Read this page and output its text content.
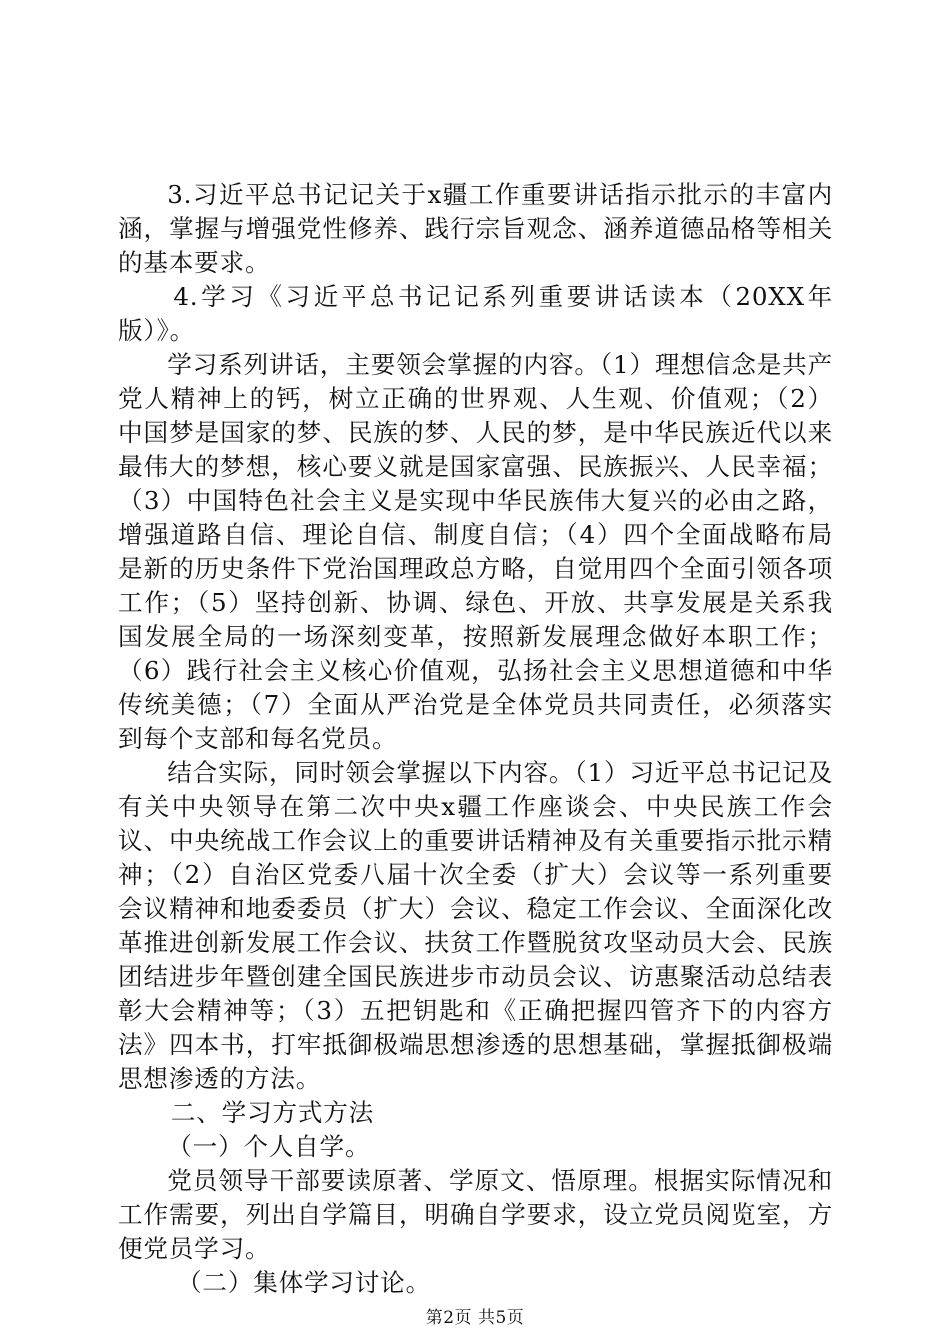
3.习近平总书记记关于x疆工作重要讲话指示批示的丰富内涵，掌握与增强党性修养、践行宗旨观念、涵养道德品格等相关的基本要求。

4.学习《习近平总书记记系列重要讲话读本（20XX年版）》。

学习系列讲话，主要领会掌握的内容。（1）理想信念是共产党人精神上的钙，树立正确的世界观、人生观、价值观；（2）中国梦是国家的梦、民族的梦、人民的梦，是中华民族近代以来最伟大的梦想，核心要义就是国家富强、民族振兴、人民幸福；（3）中国特色社会主义是实现中华民族伟大复兴的必由之路，增强道路自信、理论自信、制度自信；（4）四个全面战略布局是新的历史条件下党治国理政总方略，自觉用四个全面引领各项工作；（5）坚持创新、协调、绿色、开放、共享发展是关系我国发展全局的一场深刻变革，按照新发展理念做好本职工作；（6）践行社会主义核心价值观，弘扬社会主义思想道德和中华传统美德；（7）全面从严治党是全体党员共同责任，必须落实到每个支部和每名党员。

结合实际，同时领会掌握以下内容。（1）习近平总书记记及有关中央领导在第二次中央x疆工作座谈会、中央民族工作会议、中央统战工作会议上的重要讲话精神及有关重要指示批示精神；（2）自治区党委八届十次全委（扩大）会议等一系列重要会议精神和地委委员（扩大）会议、稳定工作会议、全面深化改革推进创新发展工作会议、扶贫工作暨脱贫攻坚动员大会、民族团结进步年暨创建全国民族进步市动员会议、访惠聚活动总结表彰大会精神等；（3）五把钥匙和《正确把握四管齐下的内容方法》四本书，打牢抵御极端思想渗透的思想基础，掌握抵御极端思想渗透的方法。

二、学习方式方法

（一）个人自学。

党员领导干部要读原著、学原文、悟原理。根据实际情况和工作需要，列出自学篇目，明确自学要求，设立党员阅览室，方便党员学习。

（二）集体学习讨论。

第2页 共5页
